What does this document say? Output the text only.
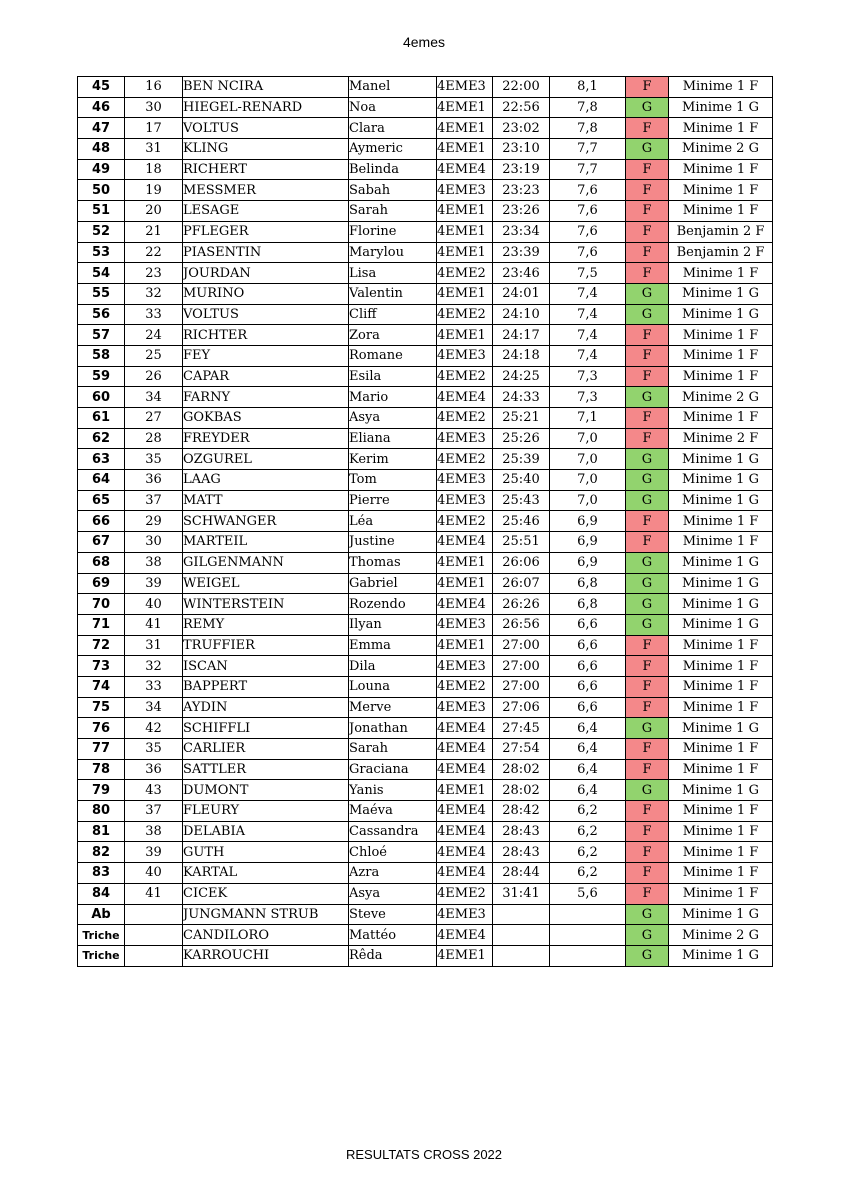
4emes
45	16	BEN NCIRA	Manel	4EME3	22:00	8,1	F	Minime 1 F
46	30	HIEGEL-RENARD	Noa	4EME1	22:56	7,8	G	Minime 1 G
47	17	VOLTUS	Clara	4EME1	23:02	7,8	F	Minime 1 F
48	31	KLING	Aymeric	4EME1	23:10	7,7	G	Minime 2 G
49	18	RICHERT	Belinda	4EME4	23:19	7,7	F	Minime 1 F
50	19	MESSMER	Sabah	4EME3	23:23	7,6	F	Minime 1 F
51	20	LESAGE	Sarah	4EME1	23:26	7,6	F	Minime 1 F
52	21	PFLEGER	Florine	4EME1	23:34	7,6	F	Benjamin 2 F
53	22	PIASENTIN	Marylou	4EME1	23:39	7,6	F	Benjamin 2 F
54	23	JOURDAN	Lisa	4EME2	23:46	7,5	F	Minime 1 F
55	32	MURINO	Valentin	4EME1	24:01	7,4	G	Minime 1 G
56	33	VOLTUS	Cliff	4EME2	24:10	7,4	G	Minime 1 G
57	24	RICHTER	Zora	4EME1	24:17	7,4	F	Minime 1 F
58	25	FEY	Romane	4EME3	24:18	7,4	F	Minime 1 F
59	26	CAPAR	Esila	4EME2	24:25	7,3	F	Minime 1 F
60	34	FARNY	Mario	4EME4	24:33	7,3	G	Minime 2 G
61	27	GOKBAS	Asya	4EME2	25:21	7,1	F	Minime 1 F
62	28	FREYDER	Eliana	4EME3	25:26	7,0	F	Minime 2 F
63	35	OZGUREL	Kerim	4EME2	25:39	7,0	G	Minime 1 G
64	36	LAAG	Tom	4EME3	25:40	7,0	G	Minime 1 G
65	37	MATT	Pierre	4EME3	25:43	7,0	G	Minime 1 G
66	29	SCHWANGER	Léa	4EME2	25:46	6,9	F	Minime 1 F
67	30	MARTEIL	Justine	4EME4	25:51	6,9	F	Minime 1 F
68	38	GILGENMANN	Thomas	4EME1	26:06	6,9	G	Minime 1 G
69	39	WEIGEL	Gabriel	4EME1	26:07	6,8	G	Minime 1 G
70	40	WINTERSTEIN	Rozendo	4EME4	26:26	6,8	G	Minime 1 G
71	41	REMY	Ilyan	4EME3	26:56	6,6	G	Minime 1 G
72	31	TRUFFIER	Emma	4EME1	27:00	6,6	F	Minime 1 F
73	32	ISCAN	Dila	4EME3	27:00	6,6	F	Minime 1 F
74	33	BAPPERT	Louna	4EME2	27:00	6,6	F	Minime 1 F
75	34	AYDIN	Merve	4EME3	27:06	6,6	F	Minime 1 F
76	42	SCHIFFLI	Jonathan	4EME4	27:45	6,4	G	Minime 1 G
77	35	CARLIER	Sarah	4EME4	27:54	6,4	F	Minime 1 F
78	36	SATTLER	Graciana	4EME4	28:02	6,4	F	Minime 1 F
79	43	DUMONT	Yanis	4EME1	28:02	6,4	G	Minime 1 G
80	37	FLEURY	Maéva	4EME4	28:42	6,2	F	Minime 1 F
81	38	DELABIA	Cassandra	4EME4	28:43	6,2	F	Minime 1 F
82	39	GUTH	Chloé	4EME4	28:43	6,2	F	Minime 1 F
83	40	KARTAL	Azra	4EME4	28:44	6,2	F	Minime 1 F
84	41	CICEK	Asya	4EME2	31:41	5,6	F	Minime 1 F
Ab		JUNGMANN STRUB	Steve	4EME3			G	Minime 1 G
Triche		CANDILORO	Mattéo	4EME4			G	Minime 2 G
Triche		KARROUCHI	Rêda	4EME1			G	Minime 1 G
RESULTATS CROSS 2022
